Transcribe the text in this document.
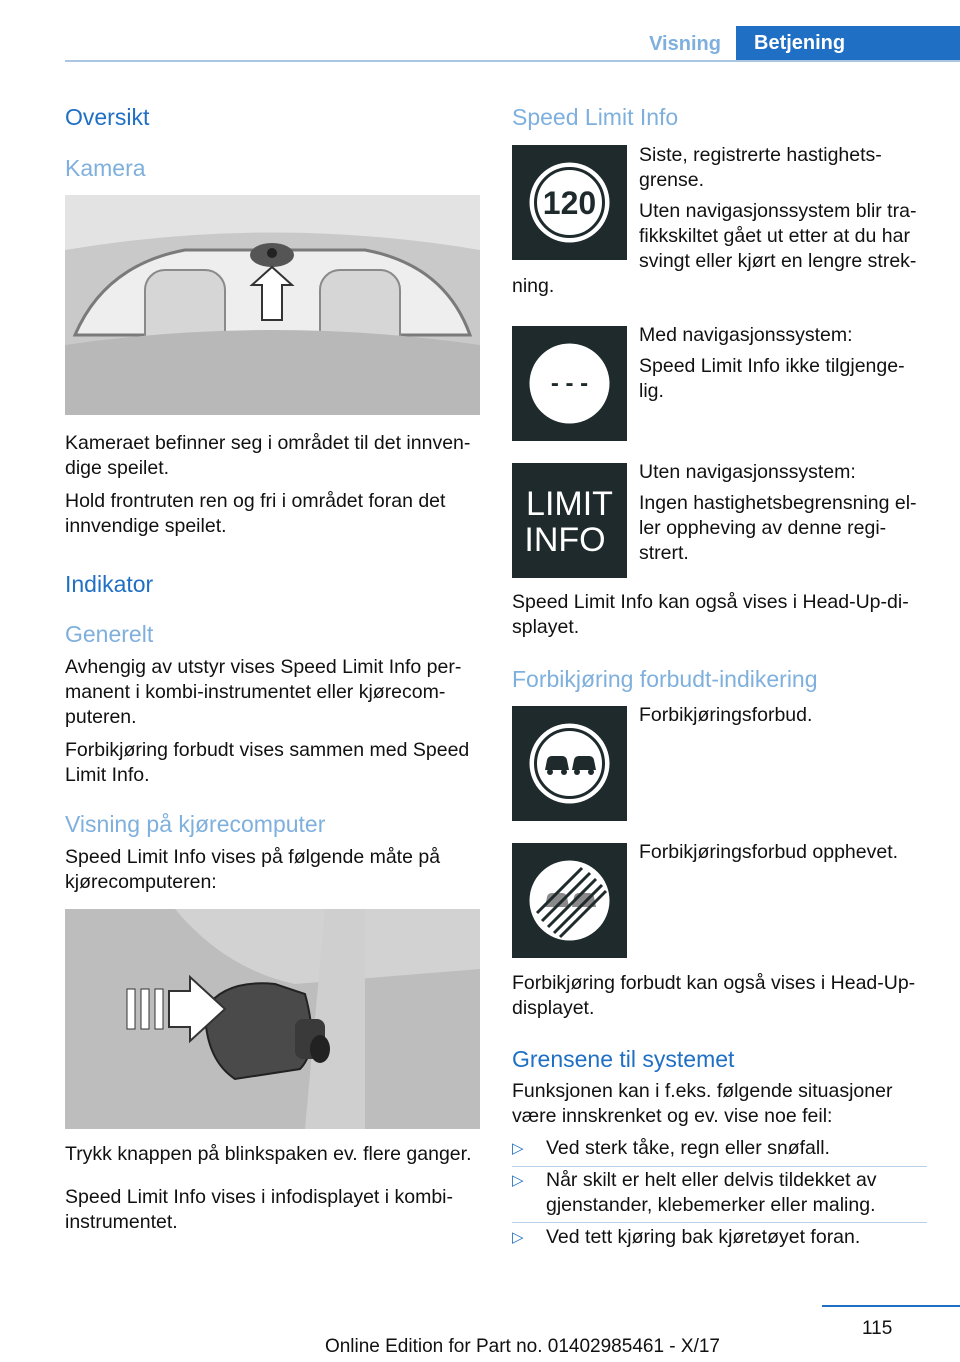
Visning	Betjening
Oversikt
Kamera

Kameraet befinner seg i området til det innven-dige speilet.

Hold frontruten ren og fri i området foran det innvendige speilet.

Indikator
Generelt

Avhengig av utstyr vises Speed Limit Info per-manent i kombi-instrumentet eller kjørecom-puteren.

Forbikjøring forbudt vises sammen med Speed Limit Info.

Visning på kjørecomputer

Speed Limit Info vises på følgende måte på kjørecomputeren:

Trykk knappen på blinkspaken ev. flere ganger.

Speed Limit Info vises i infodisplayet i kombi-instrumentet.

Speed Limit Info
120

Siste, registrerte hastighets-grense.

Uten navigasjonssystem blir tra-fikkskiltet gået ut etter at du har svingt eller kjørt en lengre strek-

ning.
- - -

Med navigasjonssystem:

Speed Limit Info ikke tilgjenge-lig.

LIMIT
INFO

Uten navigasjonssystem:

Ingen hastighetsbegrensning el-ler oppheving av denne regi-strert.

Speed Limit Info kan også vises i Head-Up-di-splayet.

Forbikjøring forbudt-indikering
Forbikjøringsforbud.
Forbikjøringsforbud opphevet.

Forbikjøring forbudt kan også vises i Head-Up-displayet.

Grensene til systemet

Funksjonen kan i f.eks. følgende situasjoner være innskrenket og ev. vise noe feil:

▷ Ved sterk tåke, regn eller snøfall.
▷ Når skilt er helt eller delvis tildekket av gjenstander, klebemerker eller maling.
▷ Ved tett kjøring bak kjøretøyet foran.
115
Online Edition for Part no. 01402985461 - X/17
